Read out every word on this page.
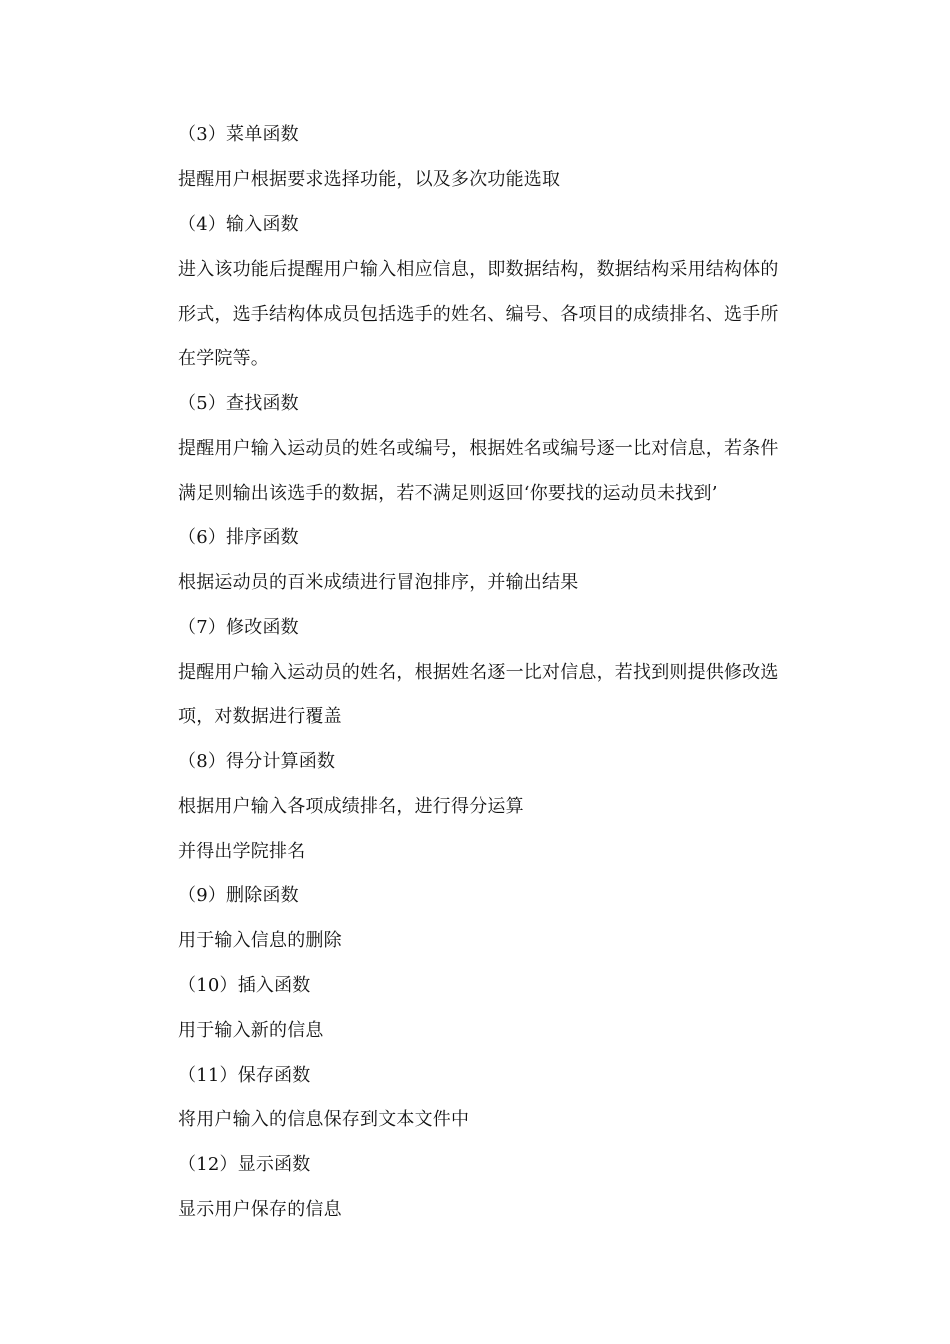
（3）菜单函数
提醒用户根据要求选择功能，以及多次功能选取
（4）输入函数
进入该功能后提醒用户输入相应信息，即数据结构，数据结构采用结构体的
形式，选手结构体成员包括选手的姓名、编号、各项目的成绩排名、选手所
在学院等。
（5）查找函数
提醒用户输入运动员的姓名或编号，根据姓名或编号逐一比对信息，若条件
满足则输出该选手的数据，若不满足则返回‘你要找的运动员未找到’
（6）排序函数
根据运动员的百米成绩进行冒泡排序，并输出结果
（7）修改函数
提醒用户输入运动员的姓名，根据姓名逐一比对信息，若找到则提供修改选
项，对数据进行覆盖
（8）得分计算函数
根据用户输入各项成绩排名，进行得分运算
并得出学院排名
（9）删除函数
用于输入信息的删除
（10）插入函数
用于输入新的信息
（11）保存函数
将用户输入的信息保存到文本文件中
（12）显示函数
显示用户保存的信息
